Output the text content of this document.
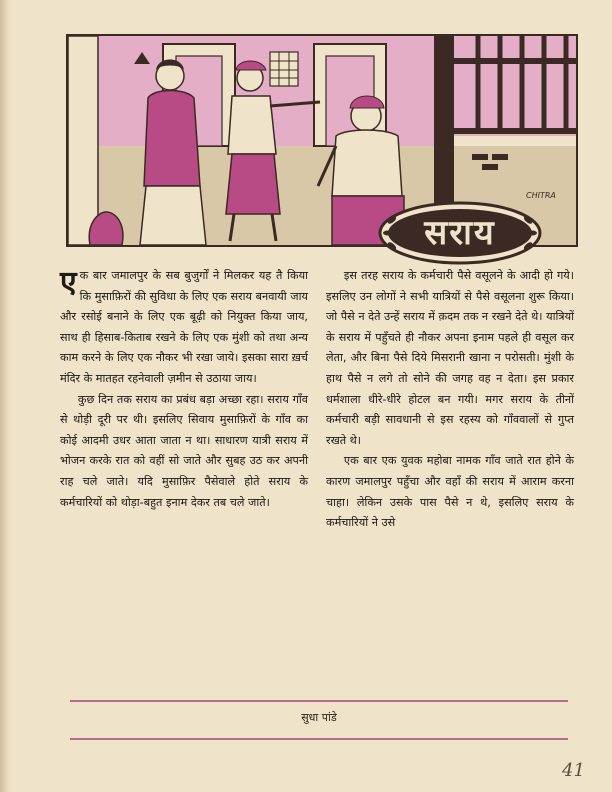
CHITRA
सराय

एक बार जमालपुर के सब बुजुर्गों ने मिलकर यह तै किया कि मुसाफ़िरों की सुविधा के लिए एक सराय बनवायी जाय और रसोई बनाने के लिए एक बूढ़ी को नियुक्त किया जाय, साथ ही हिसाब-किताब रखने के लिए एक मुंशी को तथा अन्य काम करने के लिए एक नौकर भी रखा जाये। इसका सारा ख़र्च मंदिर के मातहत रहनेवाली ज़मीन से उठाया जाय।

कुछ दिन तक सराय का प्रबंध बड़ा अच्छा रहा। सराय गाँव से थोड़ी दूरी पर थी। इसलिए सिवाय मुसाफ़िरों के गाँव का कोई आदमी उधर आता जाता न था। साधारण यात्री सराय में भोजन करके रात को वहीं सो जाते और सुबह उठ कर अपनी राह चले जाते। यदि मुसाफ़िर पैसेवाले होते सराय के कर्मचारियों को थोड़ा-बहुत इनाम देकर तब चले जाते।

इस तरह सराय के कर्मचारी पैसे वसूलने के आदी हो गये। इसलिए उन लोगों ने सभी यात्रियों से पैसे वसूलना शुरू किया। जो पैसे न देते उन्हें सराय में क़दम तक न रखने देते थे। यात्रियों के सराय में पहुँचते ही नौकर अपना इनाम पहले ही वसूल कर लेता, और बिना पैसे दिये मिसरानी खाना न परोसती। मुंशी के हाथ पैसे न लगे तो सोने की जगह वह न देता। इस प्रकार धर्मशाला धीरे-धीरे होटल बन गयी। मगर सराय के तीनों कर्मचारी बड़ी सावधानी से इस रहस्य को गाँववालों से गुप्त रखते थे।

एक बार एक युवक महोबा नामक गाँव जाते रात होने के कारण जमालपुर पहुँचा और वहाँ की सराय में आराम करना चाहा। लेकिन उसके पास पैसे न थे, इसलिए सराय के कर्मचारियों ने उसे

सुधा पांडे
41
